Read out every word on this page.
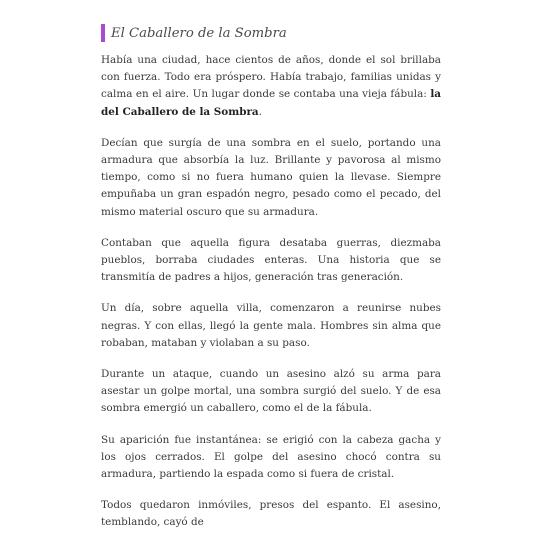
El Caballero de la Sombra

Había una ciudad, hace cientos de años, donde el sol brillaba con fuerza. Todo era próspero. Había trabajo, familias unidas y calma en el aire. Un lugar donde se contaba una vieja fábula: la del Caballero de la Sombra.

Decían que surgía de una sombra en el suelo, portando una armadura que absorbía la luz. Brillante y pavorosa al mismo tiempo, como si no fuera humano quien la llevase. Siempre empuñaba un gran espadón negro, pesado como el pecado, del mismo material oscuro que su armadura.

Contaban que aquella figura desataba guerras, diezmaba pueblos, borraba ciudades enteras. Una historia que se transmitía de padres a hijos, generación tras generación.

Un día, sobre aquella villa, comenzaron a reunirse nubes negras. Y con ellas, llegó la gente mala. Hombres sin alma que robaban, mataban y violaban a su paso.

Durante un ataque, cuando un asesino alzó su arma para asestar un golpe mortal, una sombra surgió del suelo. Y de esa sombra emergió un caballero, como el de la fábula.

Su aparición fue instantánea: se erigió con la cabeza gacha y los ojos cerrados. El golpe del asesino chocó contra su armadura, partiendo la espada como si fuera de cristal.

Todos quedaron inmóviles, presos del espanto. El asesino, temblando, cayó de
